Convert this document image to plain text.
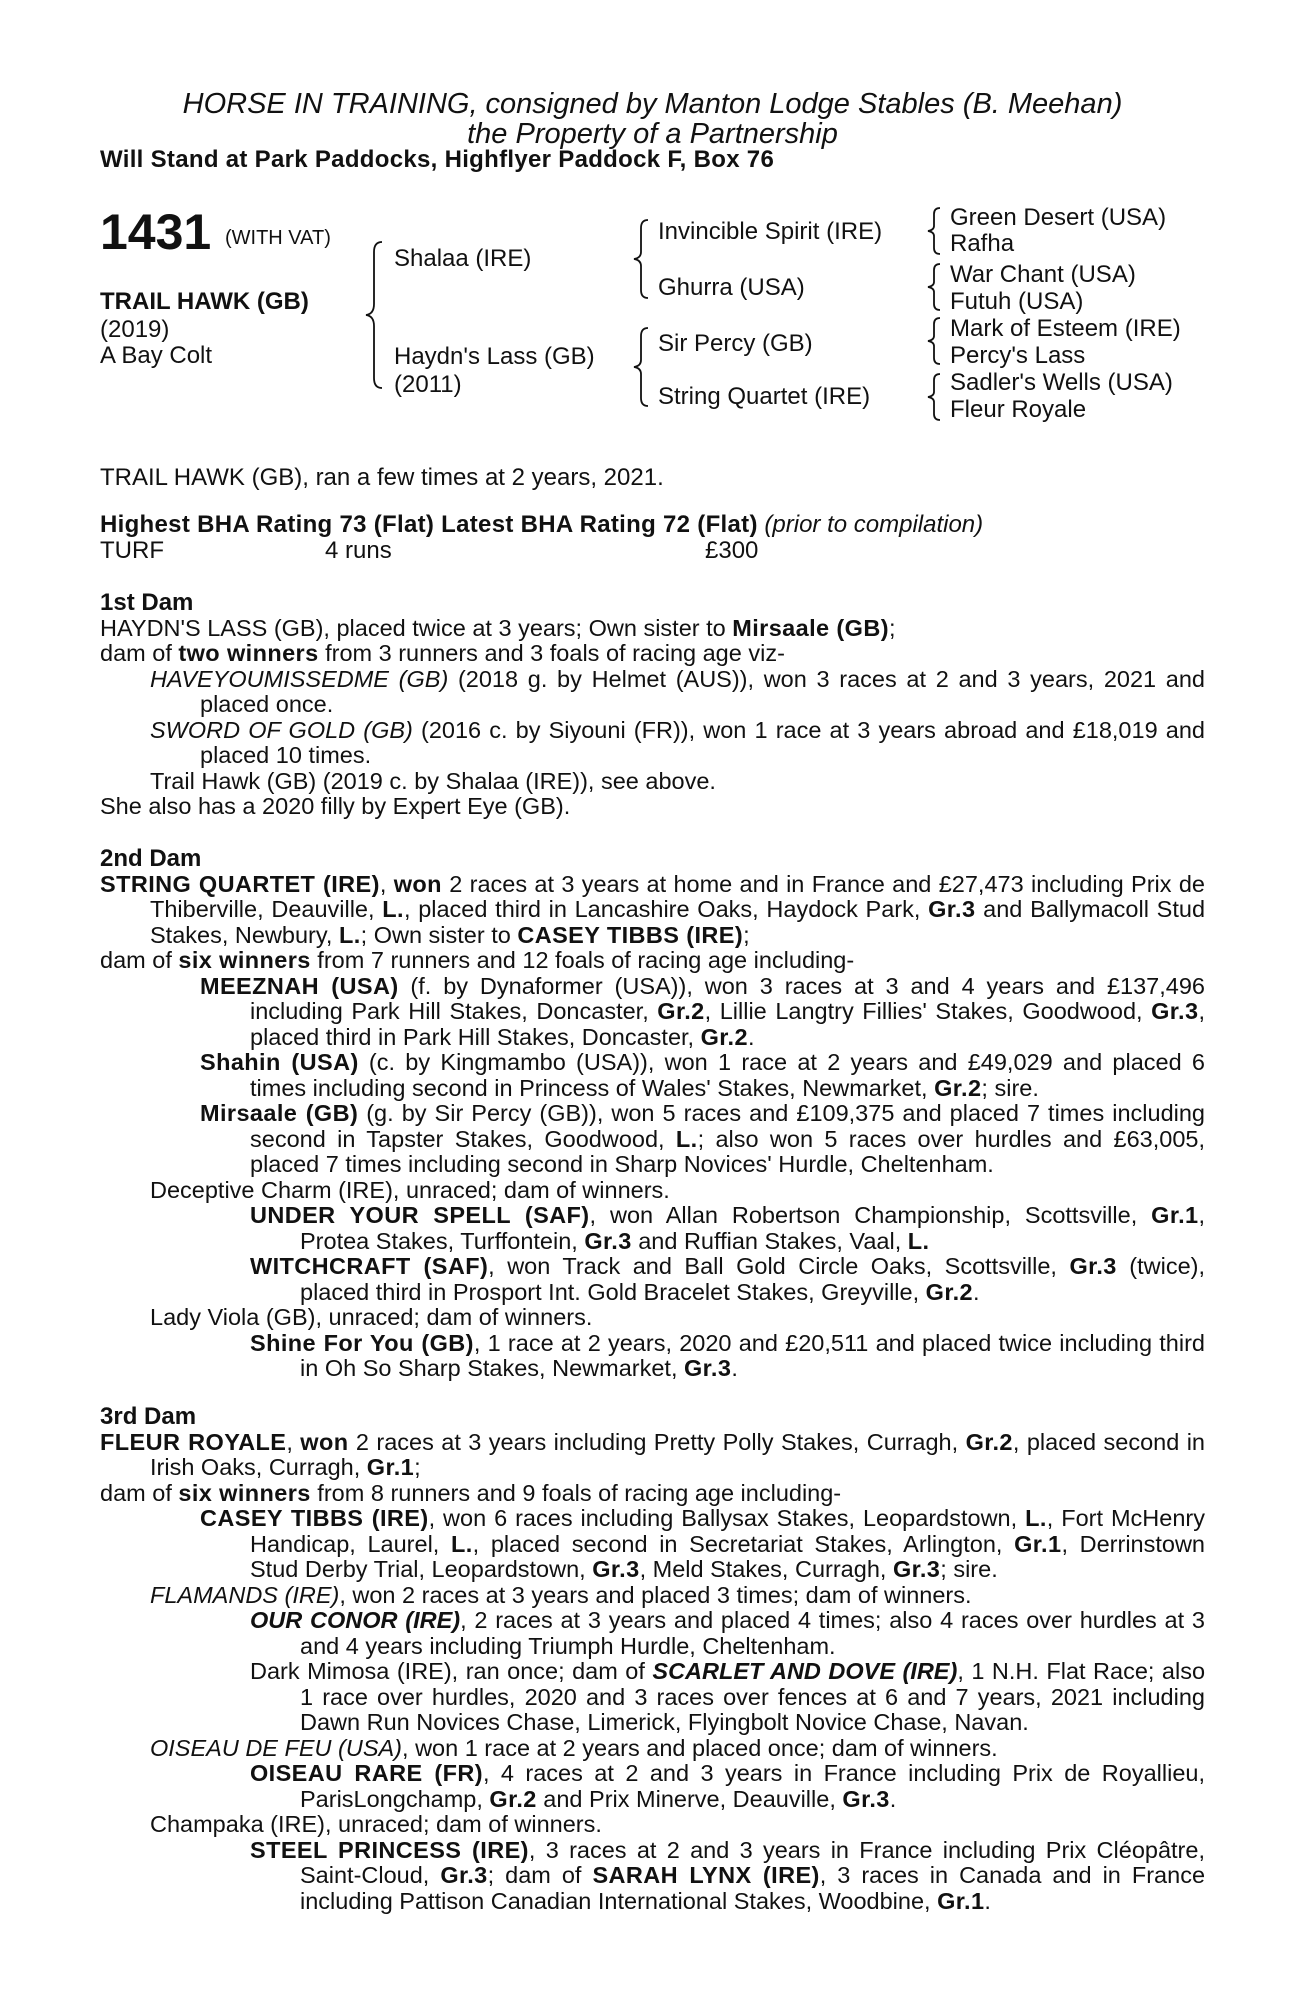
HORSE IN TRAINING, consigned by Manton Lodge Stables (B. Meehan)
the Property of a Partnership
Will Stand at Park Paddocks, Highflyer Paddock F, Box 76
1431 (WITH VAT)
TRAIL HAWK (GB)
(2019)
A Bay Colt
Shalaa (IRE)
Haydn's Lass (GB)
(2011)
Invincible Spirit (IRE)
Ghurra (USA)
Sir Percy (GB)
String Quartet (IRE)
Green Desert (USA)
Rafha
War Chant (USA)
Futuh (USA)
Mark of Esteem (IRE)
Percy's Lass
Sadler's Wells (USA)
Fleur Royale
TRAIL HAWK (GB), ran a few times at 2 years, 2021.
Highest BHA Rating 73 (Flat) Latest BHA Rating 72 (Flat) (prior to compilation)
TURF	4 runs	£300

1st Dam

HAYDN'S LASS (GB), placed twice at 3 years; Own sister to Mirsaale (GB);

dam of two winners from 3 runners and 3 foals of racing age viz-

HAVEYOUMISSEDME (GB) (2018 g. by Helmet (AUS)), won 3 races at 2 and 3 years, 2021 and placed once.

SWORD OF GOLD (GB) (2016 c. by Siyouni (FR)), won 1 race at 3 years abroad and £18,019 and placed 10 times.

Trail Hawk (GB) (2019 c. by Shalaa (IRE)), see above.

She also has a 2020 filly by Expert Eye (GB).

2nd Dam

STRING QUARTET (IRE), won 2 races at 3 years at home and in France and £27,473 including Prix de Thiberville, Deauville, L., placed third in Lancashire Oaks, Haydock Park, Gr.3 and Ballymacoll Stud Stakes, Newbury, L.; Own sister to CASEY TIBBS (IRE);

dam of six winners from 7 runners and 12 foals of racing age including-

MEEZNAH (USA) (f. by Dynaformer (USA)), won 3 races at 3 and 4 years and £137,496 including Park Hill Stakes, Doncaster, Gr.2, Lillie Langtry Fillies' Stakes, Goodwood, Gr.3, placed third in Park Hill Stakes, Doncaster, Gr.2.

Shahin (USA) (c. by Kingmambo (USA)), won 1 race at 2 years and £49,029 and placed 6 times including second in Princess of Wales' Stakes, Newmarket, Gr.2; sire.

Mirsaale (GB) (g. by Sir Percy (GB)), won 5 races and £109,375 and placed 7 times including second in Tapster Stakes, Goodwood, L.; also won 5 races over hurdles and £63,005, placed 7 times including second in Sharp Novices' Hurdle, Cheltenham.

Deceptive Charm (IRE), unraced; dam of winners.

UNDER YOUR SPELL (SAF), won Allan Robertson Championship, Scottsville, Gr.1, Protea Stakes, Turffontein, Gr.3 and Ruffian Stakes, Vaal, L.

WITCHCRAFT (SAF), won Track and Ball Gold Circle Oaks, Scottsville, Gr.3 (twice), placed third in Prosport Int. Gold Bracelet Stakes, Greyville, Gr.2.

Lady Viola (GB), unraced; dam of winners.

Shine For You (GB), 1 race at 2 years, 2020 and £20,511 and placed twice including third in Oh So Sharp Stakes, Newmarket, Gr.3.

3rd Dam

FLEUR ROYALE, won 2 races at 3 years including Pretty Polly Stakes, Curragh, Gr.2, placed second in Irish Oaks, Curragh, Gr.1;

dam of six winners from 8 runners and 9 foals of racing age including-

CASEY TIBBS (IRE), won 6 races including Ballysax Stakes, Leopardstown, L., Fort McHenry Handicap, Laurel, L., placed second in Secretariat Stakes, Arlington, Gr.1, Derrinstown Stud Derby Trial, Leopardstown, Gr.3, Meld Stakes, Curragh, Gr.3; sire.

FLAMANDS (IRE), won 2 races at 3 years and placed 3 times; dam of winners.

OUR CONOR (IRE), 2 races at 3 years and placed 4 times; also 4 races over hurdles at 3 and 4 years including Triumph Hurdle, Cheltenham.

Dark Mimosa (IRE), ran once; dam of SCARLET AND DOVE (IRE), 1 N.H. Flat Race; also 1 race over hurdles, 2020 and 3 races over fences at 6 and 7 years, 2021 including Dawn Run Novices Chase, Limerick, Flyingbolt Novice Chase, Navan.

OISEAU DE FEU (USA), won 1 race at 2 years and placed once; dam of winners.

OISEAU RARE (FR), 4 races at 2 and 3 years in France including Prix de Royallieu, ParisLongchamp, Gr.2 and Prix Minerve, Deauville, Gr.3.

Champaka (IRE), unraced; dam of winners.

STEEL PRINCESS (IRE), 3 races at 2 and 3 years in France including Prix Cléopâtre, Saint-Cloud, Gr.3; dam of SARAH LYNX (IRE), 3 races in Canada and in France including Pattison Canadian International Stakes, Woodbine, Gr.1.
